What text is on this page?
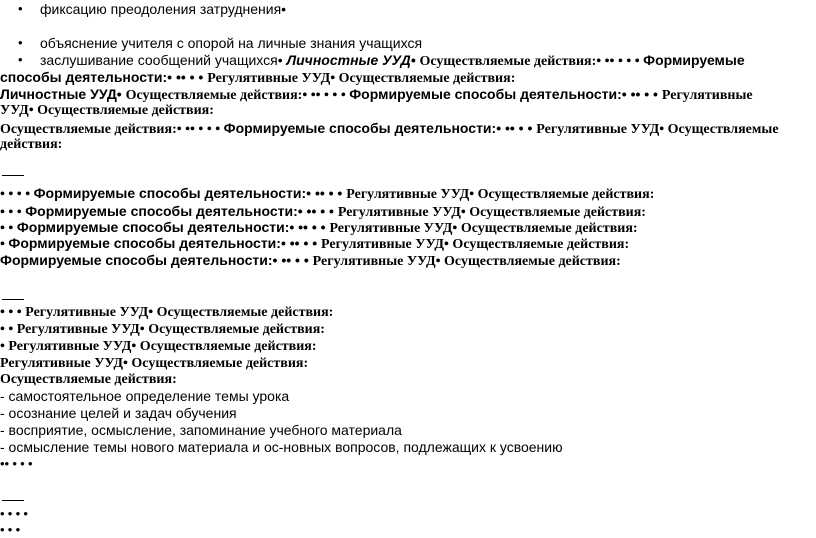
• фиксацию преодоления затруднения•
• объяснение учителя с опорой на личные знания учащихся
• заслушивание сообщений учащихся• Личностные УУД• Осуществляемые действия:• •• • • • Формируемые
способы деятельности:• •• • • Регулятивные УУД• Осуществляемые действия:
Личностные УУД• Осуществляемые действия:• •• • • • Формируемые способы деятельности:• •• • • Регулятивные
УУД• Осуществляемые действия:
Осуществляемые действия:• •• • • • Формируемые способы деятельности:• •• • • Регулятивные УУД• Осуществляемые
действия:
• • • • Формируемые способы деятельности:• •• • • Регулятивные УУД• Осуществляемые действия:
• • • Формируемые способы деятельности:• •• • • Регулятивные УУД• Осуществляемые действия:
• • Формируемые способы деятельности:• •• • • Регулятивные УУД• Осуществляемые действия:
• Формируемые способы деятельности:• •• • • Регулятивные УУД• Осуществляемые действия:
Формируемые способы деятельности:• •• • • Регулятивные УУД• Осуществляемые действия:
• • • Регулятивные УУД• Осуществляемые действия:
• • Регулятивные УУД• Осуществляемые действия:
• Регулятивные УУД• Осуществляемые действия:
Регулятивные УУД• Осуществляемые действия:
Осуществляемые действия:
- самостоятельное определение темы урока
- осознание целей и задач обучения
- восприятие, осмысление, запоминание учебного материала
- осмысление темы нового материала и ос-новных вопросов, подлежащих к усвоению
•• • • •
• • • •
• • •
